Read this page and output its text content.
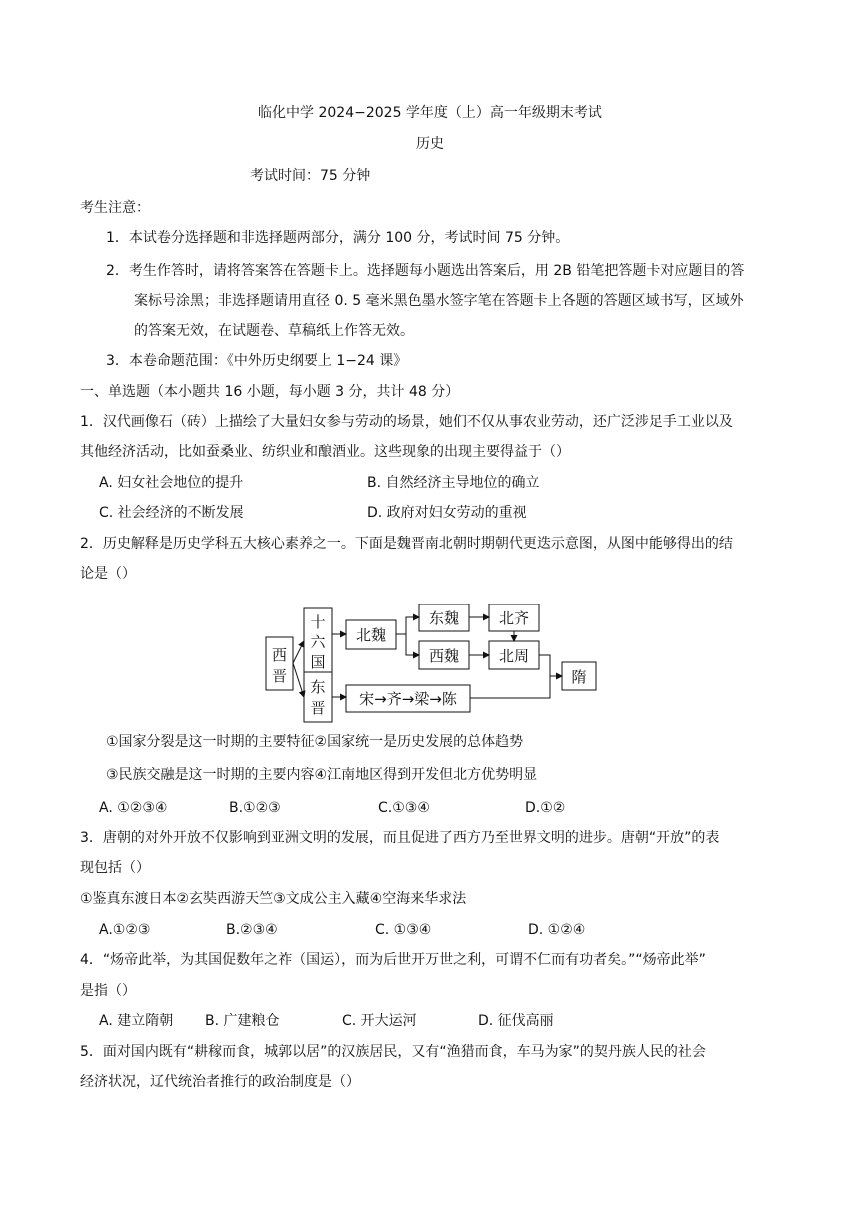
临化中学 2024−2025 学年度（上）高一年级期末考试
历史
考试时间：75 分钟
考生注意：
1．本试卷分选择题和非选择题两部分，满分 100 分，考试时间 75 分钟。
2．考生作答时，请将答案答在答题卡上。选择题每小题选出答案后，用 2B 铅笔把答题卡对应题目的答
案标号涂黑；非选择题请用直径 0. 5 毫米黑色墨水签字笔在答题卡上各题的答题区域书写，区域外
的答案无效，在试题卷、草稿纸上作答无效。
3．本卷命题范围：《中外历史纲要上 1−24 课》
一、单选题（本小题共 16 小题，每小题 3 分，共计 48 分）
1．汉代画像石（砖）上描绘了大量妇女参与劳动的场景，她们不仅从事农业劳动，还广泛涉足手工业以及
其他经济活动，比如蚕桑业、纺织业和酿酒业。这些现象的出现主要得益于（）
A. 妇女社会地位的提升	B. 自然经济主导地位的确立
C. 社会经济的不断发展	D. 政府对妇女劳动的重视
2．历史解释是历史学科五大核心素养之一。下面是魏晋南北朝时期朝代更迭示意图，从图中能够得出的结
论是（）
西
晋
十
六
国
东
晋
北魏
东魏
西魏
北齐
北周
宋→齐→梁→陈
隋
①国家分裂是这一时期的主要特征②国家统一是历史发展的总体趋势
③民族交融是这一时期的主要内容④江南地区得到开发但北方优势明显
A. ①②③④	B.①②③	C.①③④	D.①②
3．唐朝的对外开放不仅影响到亚洲文明的发展，而且促进了西方乃至世界文明的进步。唐朝“开放”的表
现包括（）
①鉴真东渡日本②玄奘西游天竺③文成公主入藏④空海来华求法
A.①②③	B.②③④	C. ①③④	D. ①②④
4．“炀帝此举，为其国促数年之祚（国运），而为后世开万世之利，可谓不仁而有功者矣。”“炀帝此举”
是指（）
A. 建立隋朝 B. 广建粮仓	C. 开大运河	D. 征伐高丽
5．面对国内既有“耕稼而食，城郭以居”的汉族居民，又有“渔猎而食，车马为家”的契丹族人民的社会
经济状况，辽代统治者推行的政治制度是（）
